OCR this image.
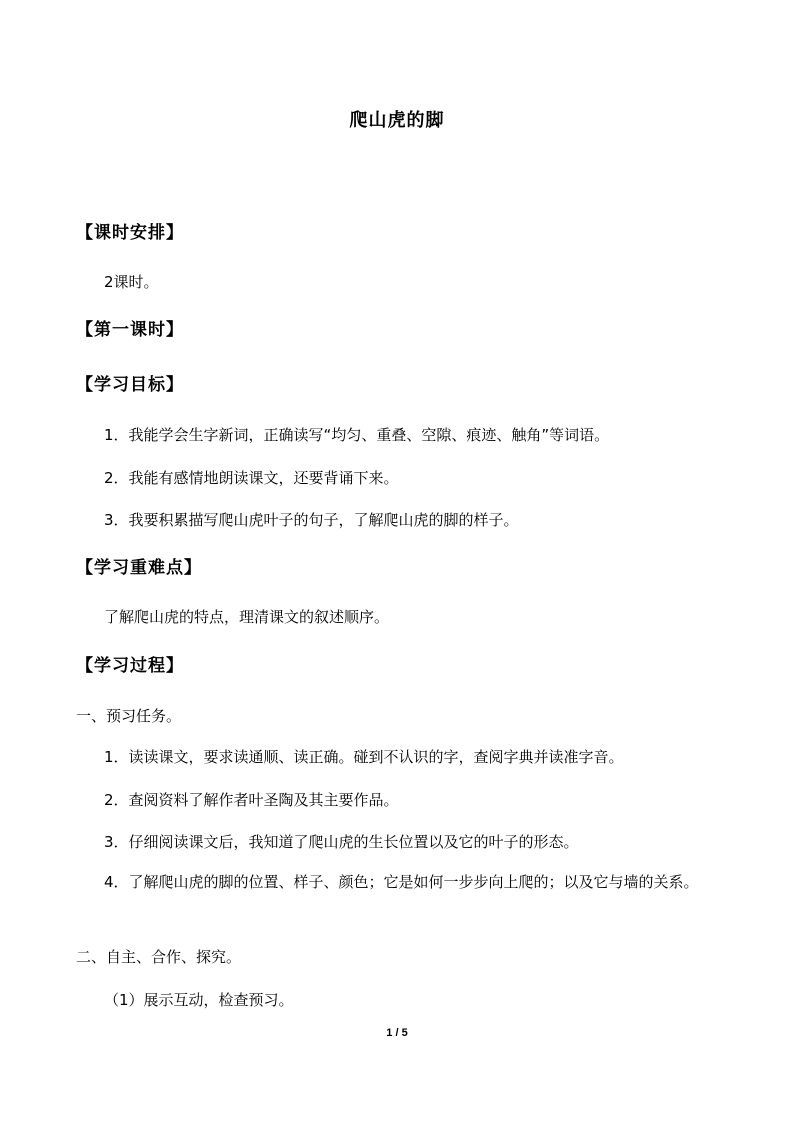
爬山虎的脚
【课时安排】
2课时。
【第一课时】
【学习目标】
1．我能学会生字新词，正确读写“均匀、重叠、空隙、痕迹、触角”等词语。
2．我能有感情地朗读课文，还要背诵下来。
3．我要积累描写爬山虎叶子的句子，了解爬山虎的脚的样子。
【学习重难点】
了解爬山虎的特点，理清课文的叙述顺序。
【学习过程】
一、预习任务。
1．读读课文，要求读通顺、读正确。碰到不认识的字，查阅字典并读准字音。
2．查阅资料了解作者叶圣陶及其主要作品。
3．仔细阅读课文后，我知道了爬山虎的生长位置以及它的叶子的形态。
4．了解爬山虎的脚的位置、样子、颜色；它是如何一步步向上爬的；以及它与墙的关系。
二、自主、合作、探究。
（1）展示互动，检查预习。
1 / 5
